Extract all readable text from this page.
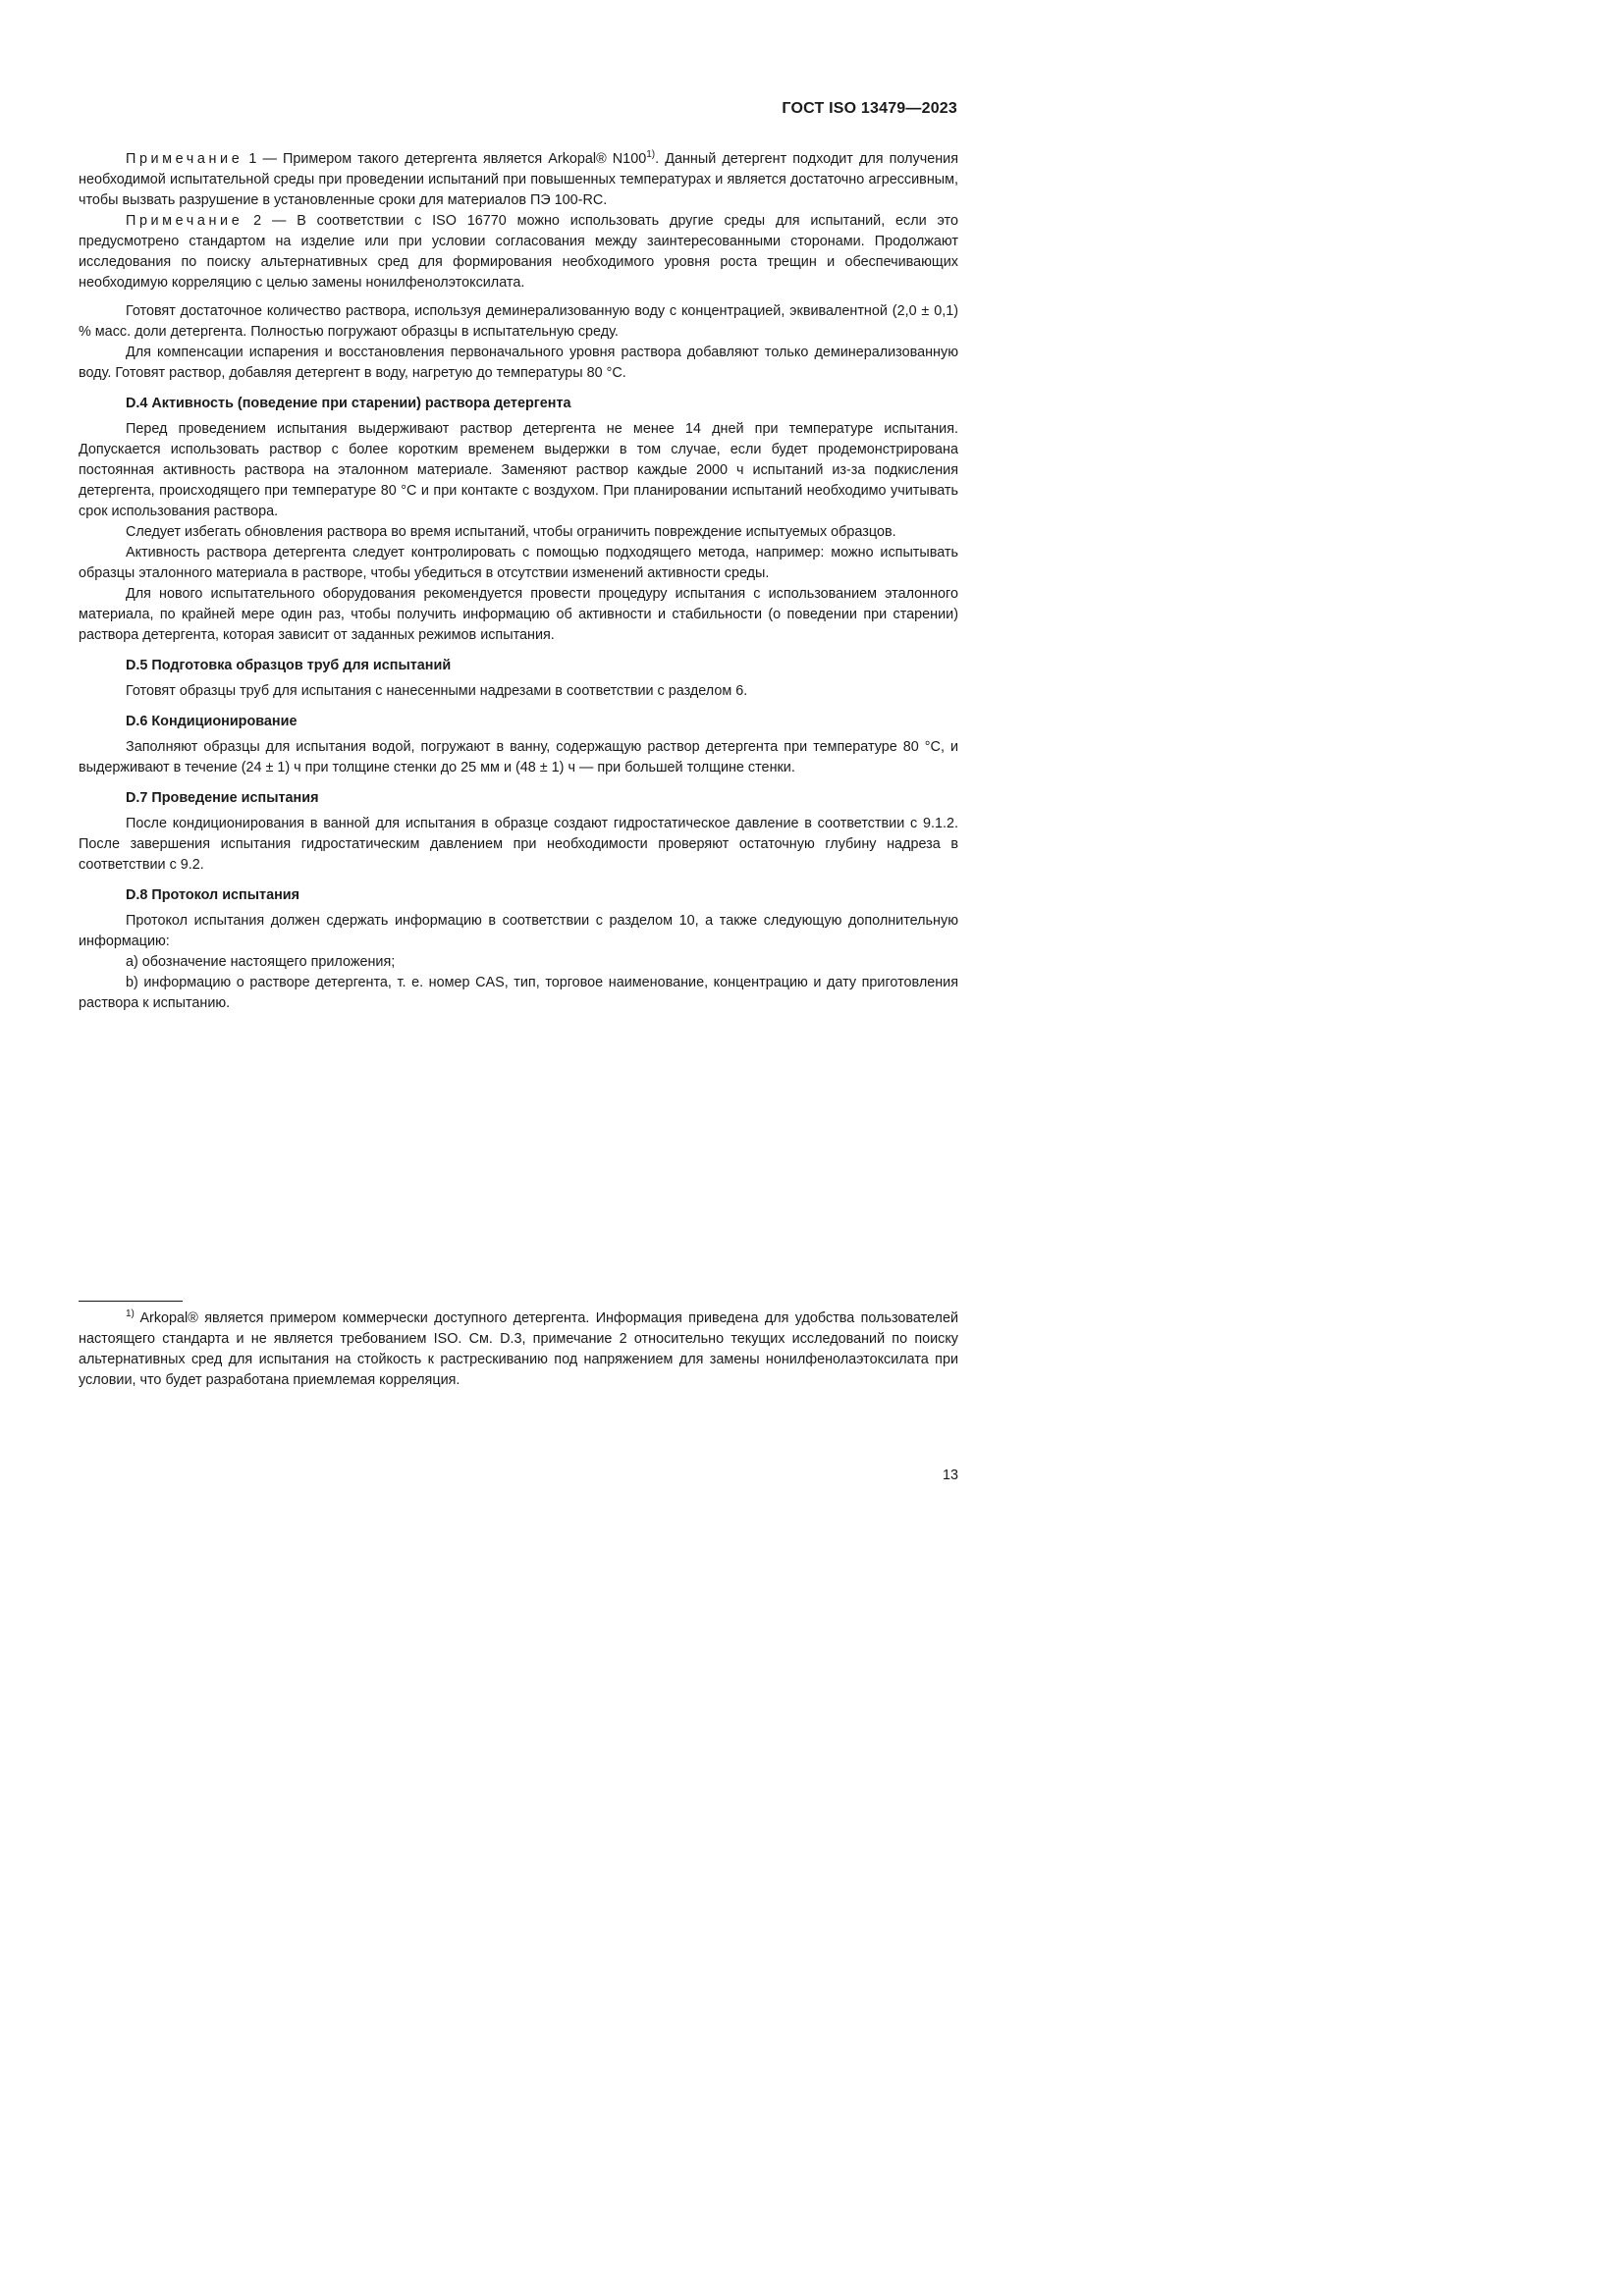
ГОСТ ISO 13479—2023

Примечание 1 — Примером такого детергента является Arkopal® N100$^{1)}$. Данный детергент подходит для получения необходимой испытательной среды при проведении испытаний при повышенных температурах и является достаточно агрессивным, чтобы вызвать разрушение в установленные сроки для материалов ПЭ 100-RC.

Примечание 2 — В соответствии с ISO 16770 можно использовать другие среды для испытаний, если это предусмотрено стандартом на изделие или при условии согласования между заинтересованными сторонами. Продолжают исследования по поиску альтернативных сред для формирования необходимого уровня роста трещин и обеспечивающих необходимую корреляцию с целью замены нонилфенолэтоксилата.

Готовят достаточное количество раствора, используя деминерализованную воду с концентрацией, эквивалентной (2,0 ± 0,1) % масс. доли детергента. Полностью погружают образцы в испытательную среду.

Для компенсации испарения и восстановления первоначального уровня раствора добавляют только деминерализованную воду. Готовят раствор, добавляя детергент в воду, нагретую до температуры 80 °С.

D.4 Активность (поведение при старении) раствора детергента

Перед проведением испытания выдерживают раствор детергента не менее 14 дней при температуре испытания. Допускается использовать раствор с более коротким временем выдержки в том случае, если будет продемонстрирована постоянная активность раствора на эталонном материале. Заменяют раствор каждые 2000 ч испытаний из-за подкисления детергента, происходящего при температуре 80 °С и при контакте с воздухом. При планировании испытаний необходимо учитывать срок использования раствора.

Следует избегать обновления раствора во время испытаний, чтобы ограничить повреждение испытуемых образцов.

Активность раствора детергента следует контролировать с помощью подходящего метода, например: можно испытывать образцы эталонного материала в растворе, чтобы убедиться в отсутствии изменений активности среды.

Для нового испытательного оборудования рекомендуется провести процедуру испытания с использованием эталонного материала, по крайней мере один раз, чтобы получить информацию об активности и стабильности (о поведении при старении) раствора детергента, которая зависит от заданных режимов испытания.

D.5 Подготовка образцов труб для испытаний

Готовят образцы труб для испытания с нанесенными надрезами в соответствии с разделом 6.

D.6 Кондиционирование

Заполняют образцы для испытания водой, погружают в ванну, содержащую раствор детергента при температуре 80 °С, и выдерживают в течение (24 ± 1) ч при толщине стенки до 25 мм и (48 ± 1) ч — при большей толщине стенки.

D.7 Проведение испытания

После кондиционирования в ванной для испытания в образце создают гидростатическое давление в соответствии с 9.1.2. После завершения испытания гидростатическим давлением при необходимости проверяют остаточную глубину надреза в соответствии с 9.2.

D.8 Протокол испытания

Протокол испытания должен сдержать информацию в соответствии с разделом 10, а также следующую дополнительную информацию:

а) обозначение настоящего приложения;

b) информацию о растворе детергента, т. е. номер CAS, тип, торговое наименование, концентрацию и дату приготовления раствора к испытанию.

$^{1)}$ Arkopal® является примером коммерчески доступного детергента. Информация приведена для удобства пользователей настоящего стандарта и не является требованием ISO. См. D.3, примечание 2 относительно текущих исследований по поиску альтернативных сред для испытания на стойкость к растрескиванию под напряжением для замены нонилфенолаэтоксилата при условии, что будет разработана приемлемая корреляция.

13
